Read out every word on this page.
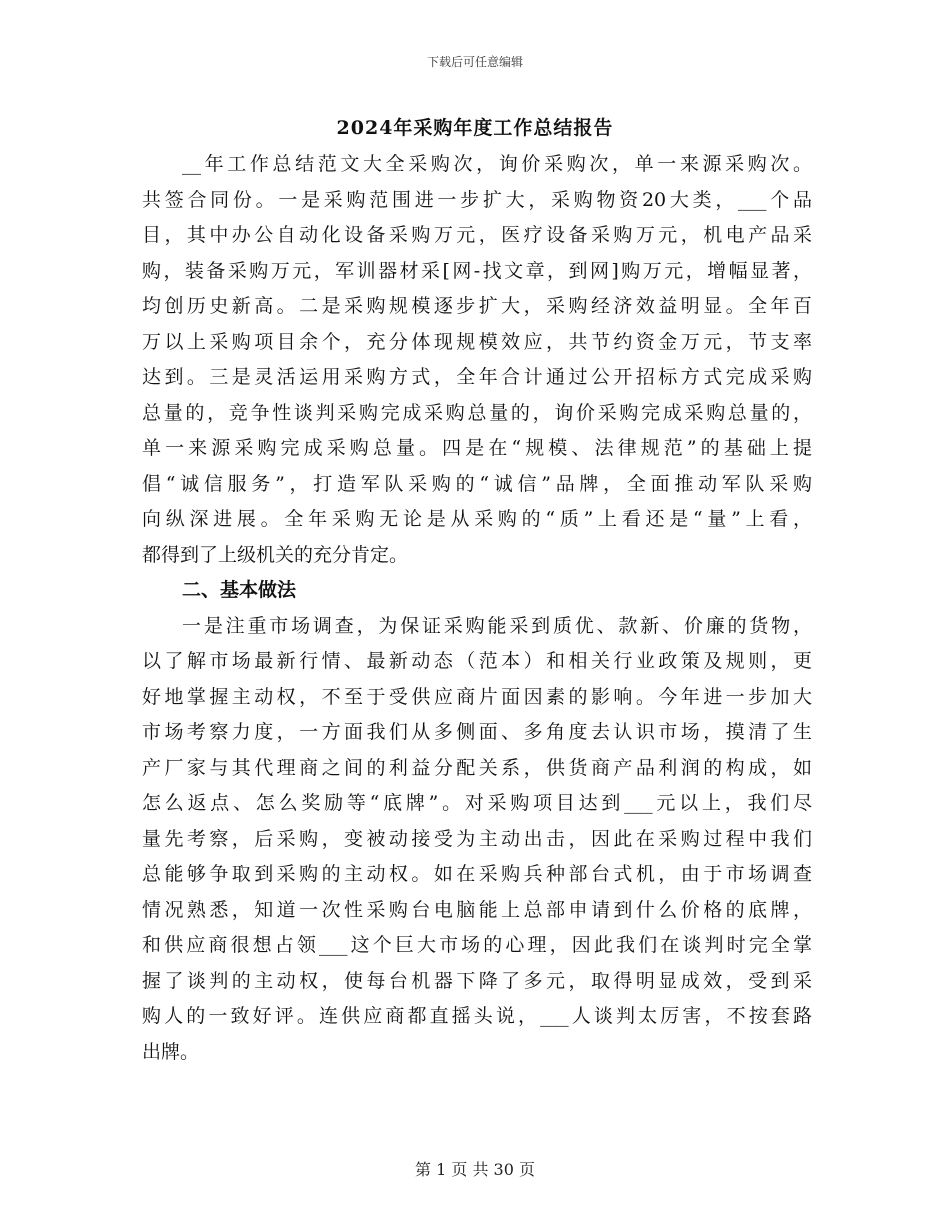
下载后可任意编辑
2024年采购年度工作总结报告
__年工作总结范文大全采购次，询价采购次，单一来源采购次。
共签合同份。一是采购范围进一步扩大，采购物资20大类，___个品
目，其中办公自动化设备采购万元，医疗设备采购万元，机电产品采
购，装备采购万元，军训器材采[网-找文章，到网]购万元，增幅显著，
均创历史新高。二是采购规模逐步扩大，采购经济效益明显。全年百
万以上采购项目余个，充分体现规模效应，共节约资金万元，节支率
达到。三是灵活运用采购方式，全年合计通过公开招标方式完成采购
总量的，竞争性谈判采购完成采购总量的，询价采购完成采购总量的，
单一来源采购完成采购总量。四是在“规模、法律规范”的基础上提
倡“诚信服务”，打造军队采购的“诚信”品牌，全面推动军队采购
向纵深进展。全年采购无论是从采购的“质”上看还是“量”上看，
都得到了上级机关的充分肯定。
二、基本做法
一是注重市场调查，为保证采购能采到质优、款新、价廉的货物，
以了解市场最新行情、最新动态（范本）和相关行业政策及规则，更
好地掌握主动权，不至于受供应商片面因素的影响。今年进一步加大
市场考察力度，一方面我们从多侧面、多角度去认识市场，摸清了生
产厂家与其代理商之间的利益分配关系，供货商产品利润的构成，如
怎么返点、怎么奖励等“底牌”。对采购项目达到___元以上，我们尽
量先考察，后采购，变被动接受为主动出击，因此在采购过程中我们
总能够争取到采购的主动权。如在采购兵种部台式机，由于市场调查
情况熟悉，知道一次性采购台电脑能上总部申请到什么价格的底牌，
和供应商很想占领___这个巨大市场的心理，因此我们在谈判时完全掌
握了谈判的主动权，使每台机器下降了多元，取得明显成效，受到采
购人的一致好评。连供应商都直摇头说，___人谈判太厉害，不按套路
出牌。
第 1 页 共 30 页
